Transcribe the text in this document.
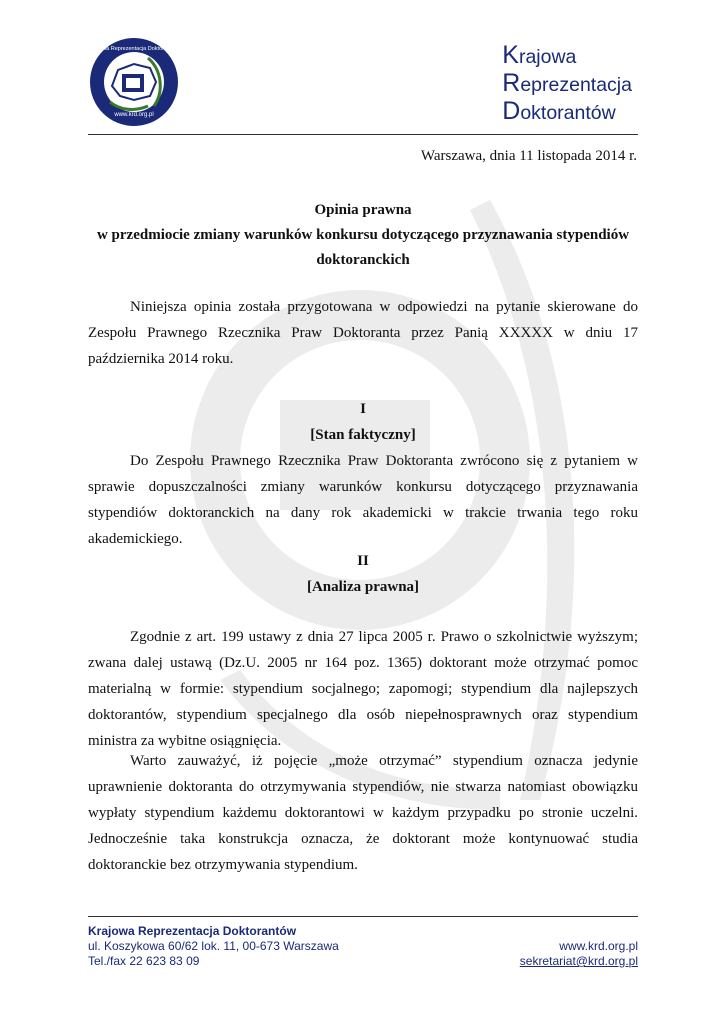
www.krd.org.pl
Krajowa Reprezentacja Doktorantów	Krajowa
Reprezentacja
Doktorantów
Warszawa, dnia 11 listopada 2014 r.
Opinia prawna
w przedmiocie zmiany warunków konkursu dotyczącego przyznawania stypendiów
doktoranckich
Niniejsza opinia została przygotowana w odpowiedzi na pytanie skierowane do Zespołu Prawnego Rzecznika Praw Doktoranta przez Panią XXXXX w dniu 17 października 2014 roku.
I
[Stan faktyczny]
Do Zespołu Prawnego Rzecznika Praw Doktoranta zwrócono się z pytaniem w sprawie dopuszczalności zmiany warunków konkursu dotyczącego przyznawania stypendiów doktoranckich na dany rok akademicki w trakcie trwania tego roku akademickiego.
II
[Analiza prawna]
Zgodnie z art. 199 ustawy z dnia 27 lipca 2005 r. Prawo o szkolnictwie wyższym; zwana dalej ustawą (Dz.U. 2005 nr 164 poz. 1365) doktorant może otrzymać pomoc materialną w formie: stypendium socjalnego; zapomogi; stypendium dla najlepszych doktorantów, stypendium specjalnego dla osób niepełnosprawnych oraz stypendium ministra za wybitne osiągnięcia.
Warto zauważyć, iż pojęcie „może otrzymać” stypendium oznacza jedynie uprawnienie doktoranta do otrzymywania stypendiów, nie stwarza natomiast obowiązku wypłaty stypendium każdemu doktorantowi w każdym przypadku po stronie uczelni. Jednocześnie taka konstrukcja oznacza, że doktorant może kontynuować studia doktoranckie bez otrzymywania stypendium.
Krajowa Reprezentacja Doktorantów
ul. Koszykowa 60/62 lok. 11, 00-673 Warszawa
Tel./fax 22 623 83 09
www.krd.org.pl
sekretariat@krd.org.pl
